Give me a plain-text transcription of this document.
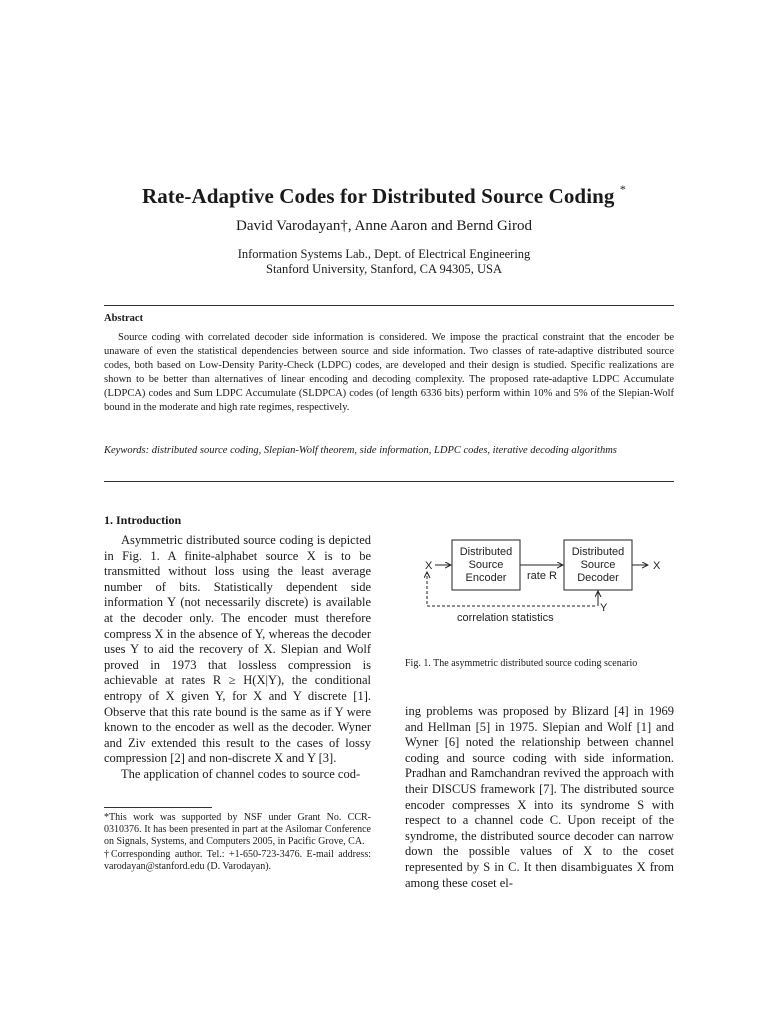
Rate-Adaptive Codes for Distributed Source Coding *
David Varodayan†, Anne Aaron and Bernd Girod
Information Systems Lab., Dept. of Electrical Engineering
Stanford University, Stanford, CA 94305, USA
Abstract
Source coding with correlated decoder side information is considered. We impose the practical constraint that the encoder be unaware of even the statistical dependencies between source and side information. Two classes of rate-adaptive distributed source codes, both based on Low-Density Parity-Check (LDPC) codes, are developed and their design is studied. Specific realizations are shown to be better than alternatives of linear encoding and decoding complexity. The proposed rate-adaptive LDPC Accumulate (LDPCA) codes and Sum LDPC Accumulate (SLDPCA) codes (of length 6336 bits) perform within 10% and 5% of the Slepian-Wolf bound in the moderate and high rate regimes, respectively.
Keywords: distributed source coding, Slepian-Wolf theorem, side information, LDPC codes, iterative decoding algorithms
1. Introduction

Asymmetric distributed source coding is depicted in Fig. 1. A finite-alphabet source X is to be transmitted without loss using the least average number of bits. Statistically dependent side information Y (not necessarily discrete) is available at the decoder only. The encoder must therefore compress X in the absence of Y, whereas the decoder uses Y to aid the recovery of X. Slepian and Wolf proved in 1973 that lossless compression is achievable at rates R ≥ H(X|Y), the conditional entropy of X given Y, for X and Y discrete [1]. Observe that this rate bound is the same as if Y were known to the encoder as well as the decoder. Wyner and Ziv extended this result to the cases of lossy compression [2] and non-discrete X and Y [3].

The application of channel codes to source cod-

*This work was supported by NSF under Grant No. CCR-0310376. It has been presented in part at the Asilomar Conference on Signals, Systems, and Computers 2005, in Pacific Grove, CA.

†Corresponding author. Tel.: +1-650-723-3476. E-mail address: varodayan@stanford.edu (D. Varodayan).

X
Distributed
Source
Encoder rate R
Distributed
Source
Decoder
X
Y
correlation statistics
Fig. 1. The asymmetric distributed source coding scenario

ing problems was proposed by Blizard [4] in 1969 and Hellman [5] in 1975. Slepian and Wolf [1] and Wyner [6] noted the relationship between channel coding and source coding with side information. Pradhan and Ramchandran revived the approach with their DISCUS framework [7]. The distributed source encoder compresses X into its syndrome S with respect to a channel code C. Upon receipt of the syndrome, the distributed source decoder can narrow down the possible values of X to the coset represented by S in C. It then disambiguates X from among these coset el-
